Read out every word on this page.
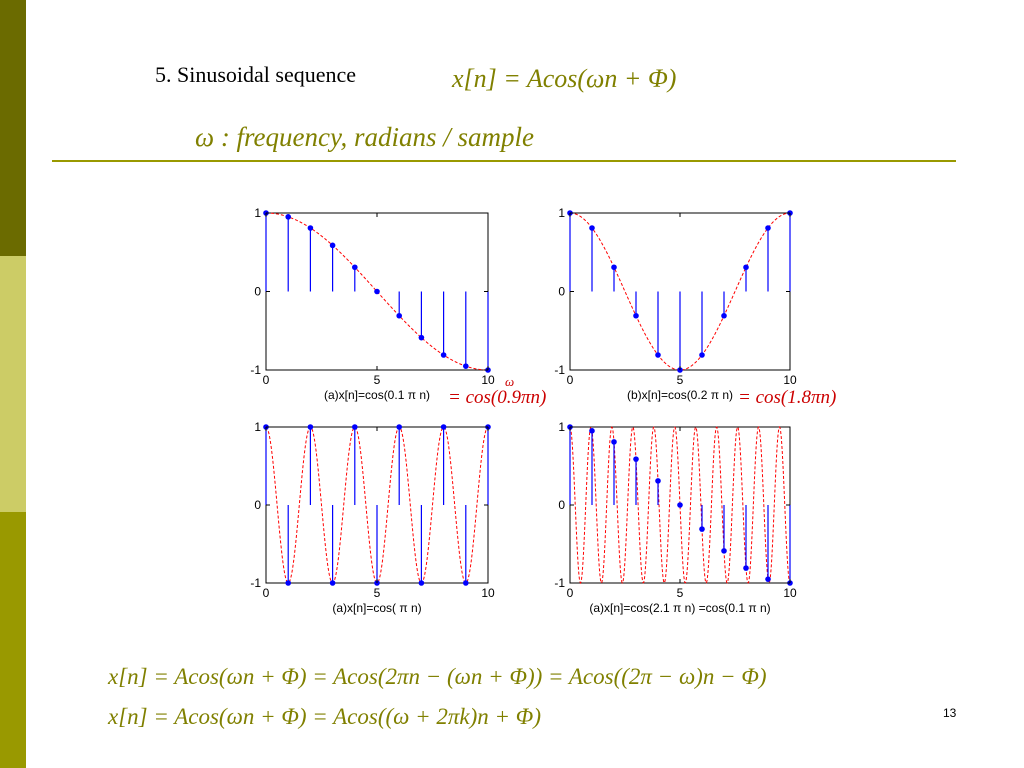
5. Sinusoidal sequence	x[n] = Acos(ωn + Φ)
ω : frequency, radians / sample
0	5	10
1
0
-1
(a)x[n]=cos(0.1 π n)
0	5	10
1
0
-1
(b)x[n]=cos(0.2 π n)
0	5	10
1
0
-1
(a)x[n]=cos( π n)
0	5	10
1
0
-1
(a)x[n]=cos(2.1 π n) =cos(0.1 π n)
ω
= cos(0.9πn)	= cos(1.8πn)
x[n] = Acos(ωn + Φ) = Acos(2πn − (ωn + Φ)) = Acos((2π − ω)n − Φ)
x[n] = Acos(ωn + Φ) = Acos((ω + 2πk)n + Φ)	13
